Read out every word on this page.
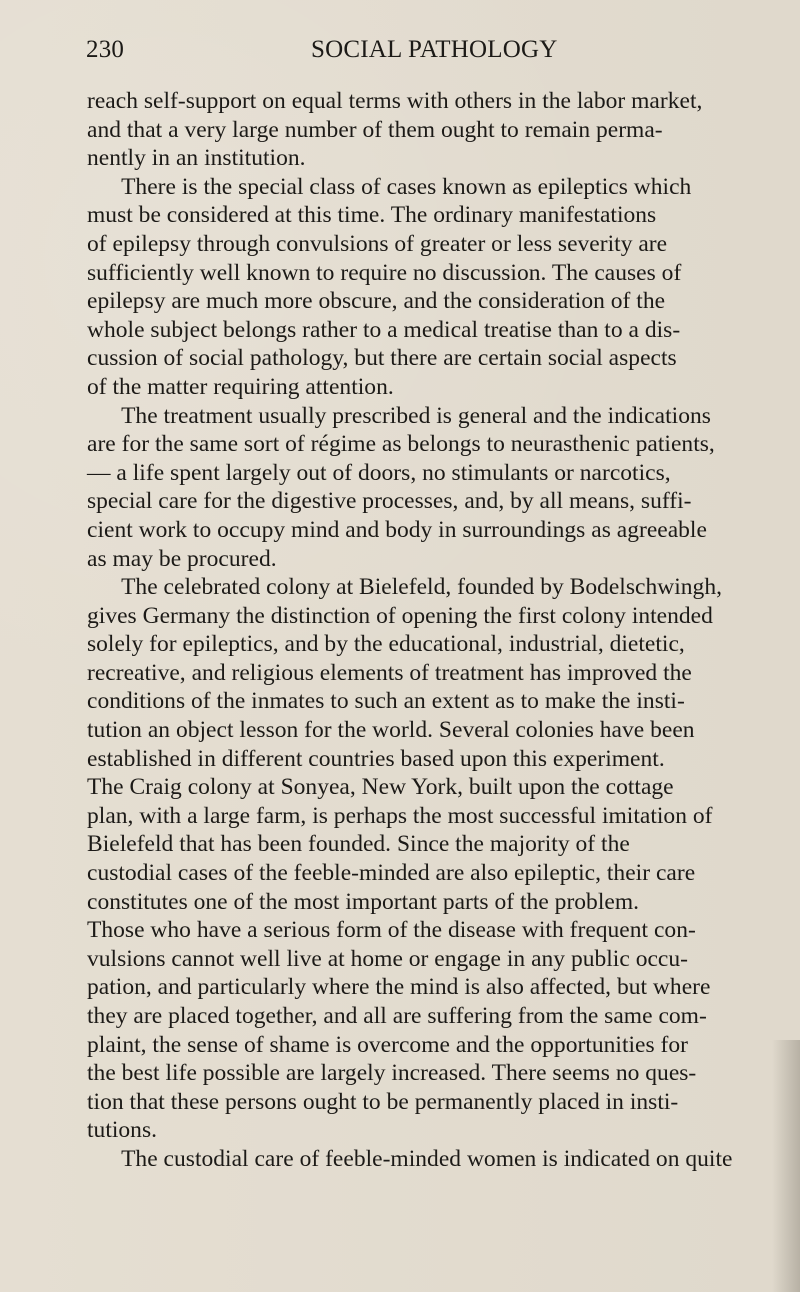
230	SOCIAL PATHOLOGY
reach self-support on equal terms with others in the labor market,
and that a very large number of them ought to remain perma-
nently in an institution.
There is the special class of cases known as epileptics which
must be considered at this time. The ordinary manifestations
of epilepsy through convulsions of greater or less severity are
sufficiently well known to require no discussion. The causes of
epilepsy are much more obscure, and the consideration of the
whole subject belongs rather to a medical treatise than to a dis-
cussion of social pathology, but there are certain social aspects
of the matter requiring attention.
The treatment usually prescribed is general and the indications
are for the same sort of régime as belongs to neurasthenic patients,
— a life spent largely out of doors, no stimulants or narcotics,
special care for the digestive processes, and, by all means, suffi-
cient work to occupy mind and body in surroundings as agreeable
as may be procured.
The celebrated colony at Bielefeld, founded by Bodelschwingh,
gives Germany the distinction of opening the first colony intended
solely for epileptics, and by the educational, industrial, dietetic,
recreative, and religious elements of treatment has improved the
conditions of the inmates to such an extent as to make the insti-
tution an object lesson for the world. Several colonies have been
established in different countries based upon this experiment.
The Craig colony at Sonyea, New York, built upon the cottage
plan, with a large farm, is perhaps the most successful imitation of
Bielefeld that has been founded. Since the majority of the
custodial cases of the feeble-minded are also epileptic, their care
constitutes one of the most important parts of the problem.
Those who have a serious form of the disease with frequent con-
vulsions cannot well live at home or engage in any public occu-
pation, and particularly where the mind is also affected, but where
they are placed together, and all are suffering from the same com-
plaint, the sense of shame is overcome and the opportunities for
the best life possible are largely increased. There seems no ques-
tion that these persons ought to be permanently placed in insti-
tutions.
The custodial care of feeble-minded women is indicated on quite
